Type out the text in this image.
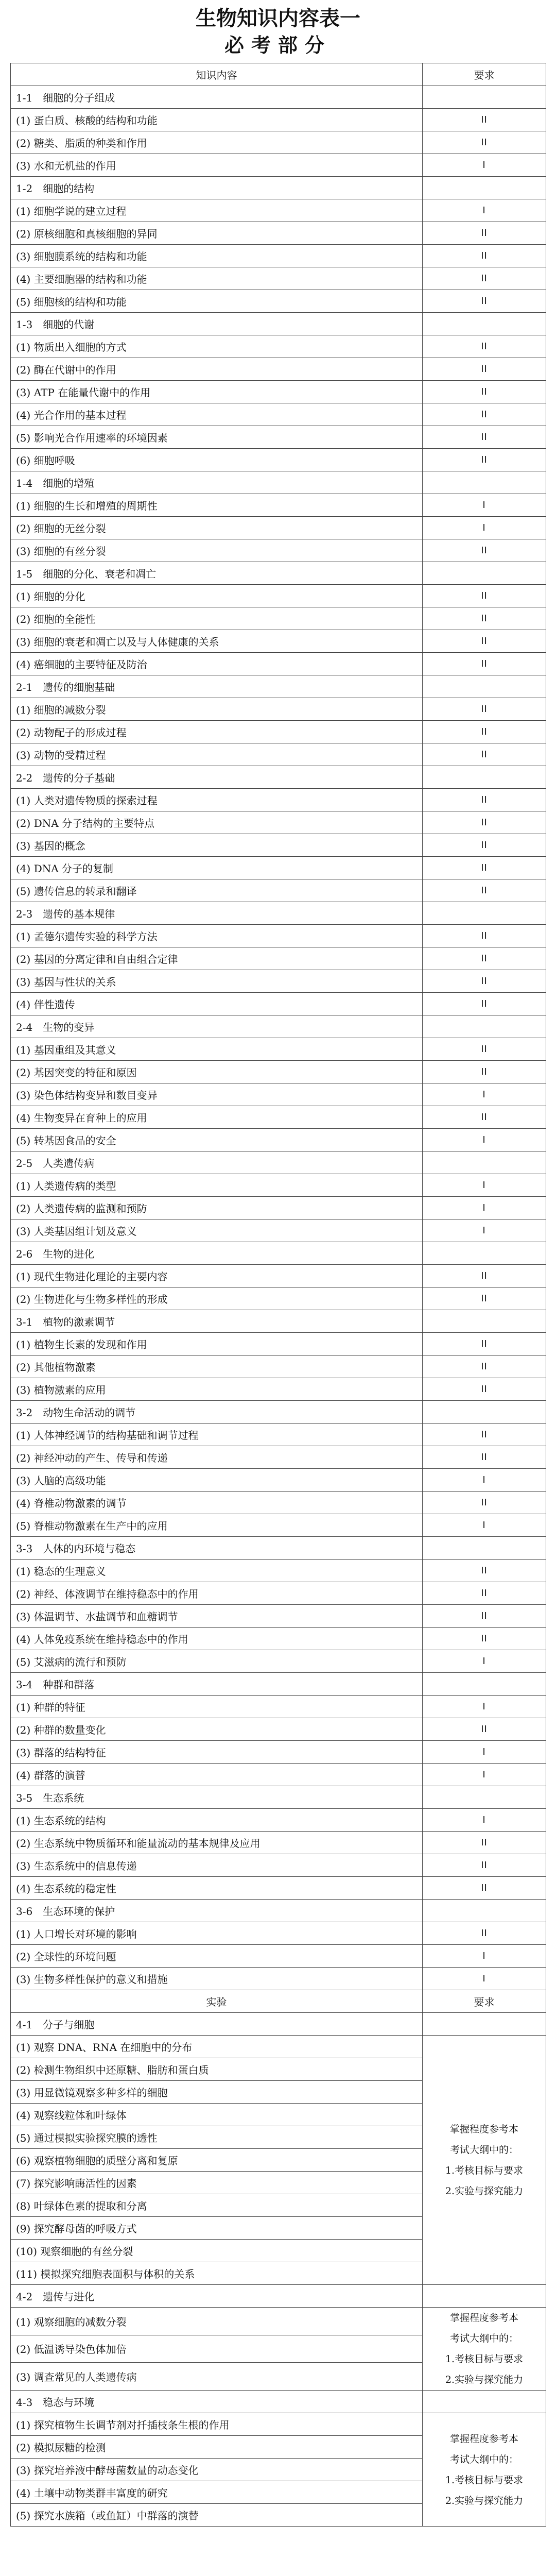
生物知识内容表一
必考部分
知识内容	要求
1-1　细胞的分子组成	
(1) 蛋白质、核酸的结构和功能	II
(2) 糖类、脂质的种类和作用	II
(3) 水和无机盐的作用	I
1-2　细胞的结构	
(1) 细胞学说的建立过程	I
(2) 原核细胞和真核细胞的异同	II
(3) 细胞膜系统的结构和功能	II
(4) 主要细胞器的结构和功能	II
(5) 细胞核的结构和功能	II
1-3　细胞的代谢	
(1) 物质出入细胞的方式	II
(2) 酶在代谢中的作用	II
(3) ATP 在能量代谢中的作用	II
(4) 光合作用的基本过程	II
(5) 影响光合作用速率的环境因素	II
(6) 细胞呼吸	II
1-4　细胞的增殖	
(1) 细胞的生长和增殖的周期性	I
(2) 细胞的无丝分裂	I
(3) 细胞的有丝分裂	II
1-5　细胞的分化、衰老和凋亡	
(1) 细胞的分化	II
(2) 细胞的全能性	II
(3) 细胞的衰老和凋亡以及与人体健康的关系	II
(4) 癌细胞的主要特征及防治	II
2-1　遗传的细胞基础	
(1) 细胞的减数分裂	II
(2) 动物配子的形成过程	II
(3) 动物的受精过程	II
2-2　遗传的分子基础	
(1) 人类对遗传物质的探索过程	II
(2) DNA 分子结构的主要特点	II
(3) 基因的概念	II
(4) DNA 分子的复制	II
(5) 遗传信息的转录和翻译	II
2-3　遗传的基本规律	
(1) 孟德尔遗传实验的科学方法	II
(2) 基因的分离定律和自由组合定律	II
(3) 基因与性状的关系	II
(4) 伴性遗传	II
2-4　生物的变异	
(1) 基因重组及其意义	II
(2) 基因突变的特征和原因	II
(3) 染色体结构变异和数目变异	I
(4) 生物变异在育种上的应用	II
(5) 转基因食品的安全	I
2-5　人类遗传病	
(1) 人类遗传病的类型	I
(2) 人类遗传病的监测和预防	I
(3) 人类基因组计划及意义	I
2-6　生物的进化	
(1) 现代生物进化理论的主要内容	II
(2) 生物进化与生物多样性的形成	II
3-1　植物的激素调节	
(1) 植物生长素的发现和作用	II
(2) 其他植物激素	II
(3) 植物激素的应用	II
3-2　动物生命活动的调节	
(1) 人体神经调节的结构基础和调节过程	II
(2) 神经冲动的产生、传导和传递	II
(3) 人脑的高级功能	I
(4) 脊椎动物激素的调节	II
(5) 脊椎动物激素在生产中的应用	I
3-3　人体的内环境与稳态	
(1) 稳态的生理意义	II
(2) 神经、体液调节在维持稳态中的作用	II
(3) 体温调节、水盐调节和血糖调节	II
(4) 人体免疫系统在维持稳态中的作用	II
(5) 艾滋病的流行和预防	I
3-4　种群和群落	
(1) 种群的特征	I
(2) 种群的数量变化	II
(3) 群落的结构特征	I
(4) 群落的演替	I
3-5　生态系统	
(1) 生态系统的结构	I
(2) 生态系统中物质循环和能量流动的基本规律及应用	II
(3) 生态系统中的信息传递	II
(4) 生态系统的稳定性	II
3-6　生态环境的保护	
(1) 人口增长对环境的影响	II
(2) 全球性的环境问题	I
(3) 生物多样性保护的意义和措施	I
实验	要求
4-1　分子与细胞	
(1) 观察 DNA、RNA 在细胞中的分布	掌握程度参考本
考试大纲中的：
1.考核目标与要求
2.实验与探究能力

(2) 检测生物组织中还原糖、脂肪和蛋白质	
(3) 用显微镜观察多种多样的细胞	
(4) 观察线粒体和叶绿体	
(5) 通过模拟实验探究膜的透性	
(6) 观察植物细胞的质壁分离和复原	
(7) 探究影响酶活性的因素	
(8) 叶绿体色素的提取和分离	
(9) 探究酵母菌的呼吸方式	
(10) 观察细胞的有丝分裂	
(11) 模拟探究细胞表面积与体积的关系	
4-2　遗传与进化	
(1) 观察细胞的减数分裂	掌握程度参考本
考试大纲中的：
1.考核目标与要求
2.实验与探究能力

(2) 低温诱导染色体加倍	
(3) 调查常见的人类遗传病	
4-3　稳态与环境	
(1) 探究植物生长调节剂对扦插枝条生根的作用	掌握程度参考本
考试大纲中的：
1.考核目标与要求
2.实验与探究能力

(2) 模拟尿糖的检测	
(3) 探究培养液中酵母菌数量的动态变化	
(4) 土壤中动物类群丰富度的研究	
(5) 探究水族箱（或鱼缸）中群落的演替	
